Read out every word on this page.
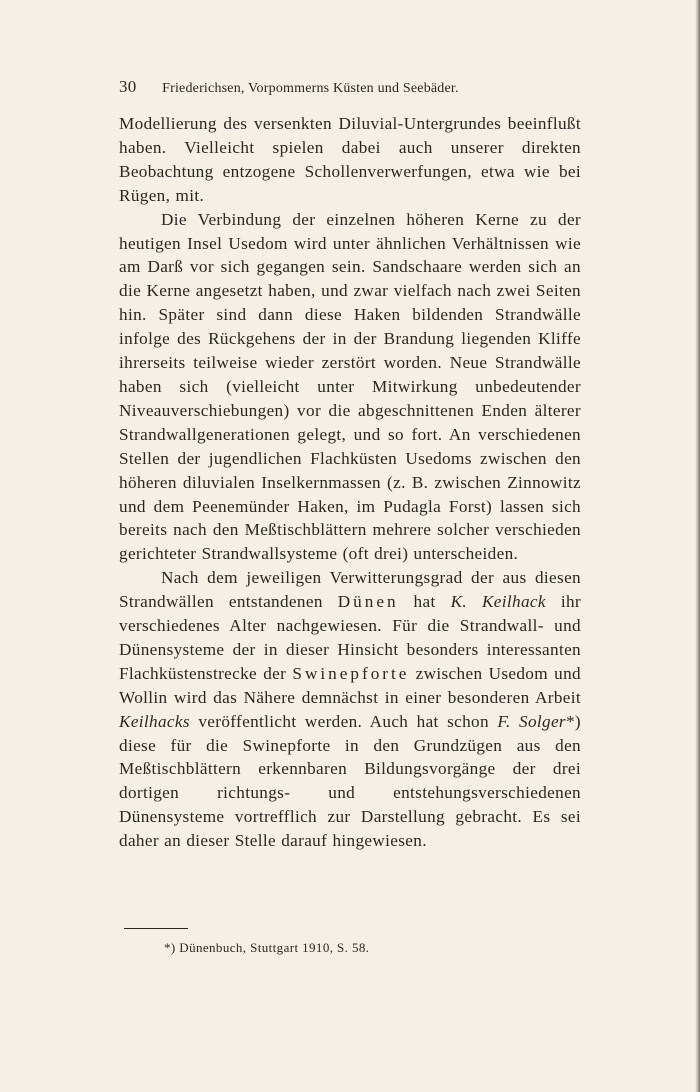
30 Friederichsen, Vorpommerns Küsten und Seebäder.

Modellierung des versenkten Diluvial-Untergrundes beeinflußt haben. Vielleicht spielen dabei auch unserer direkten Beobachtung entzogene Schollenverwerfungen, etwa wie bei Rügen, mit.

Die Verbindung der einzelnen höheren Kerne zu der heutigen Insel Usedom wird unter ähnlichen Verhältnissen wie am Darß vor sich gegangen sein. Sandschaare werden sich an die Kerne angesetzt haben, und zwar vielfach nach zwei Seiten hin. Später sind dann diese Haken bildenden Strandwälle infolge des Rückgehens der in der Brandung liegenden Kliffe ihrerseits teilweise wieder zerstört worden. Neue Strandwälle haben sich (vielleicht unter Mitwirkung unbedeutender Niveauverschiebungen) vor die abgeschnittenen Enden älterer Strandwallgenerationen gelegt, und so fort. An verschiedenen Stellen der jugendlichen Flachküsten Usedoms zwischen den höheren diluvialen Inselkernmassen (z. B. zwischen Zinnowitz und dem Peenemünder Haken, im Pudagla Forst) lassen sich bereits nach den Meßtischblättern mehrere solcher verschieden gerichteter Strandwallsysteme (oft drei) unterscheiden.

Nach dem jeweiligen Verwitterungsgrad der aus diesen Strandwällen entstandenen Dünen hat K. Keilhack ihr verschiedenes Alter nachgewiesen. Für die Strandwall- und Dünensysteme der in dieser Hinsicht besonders interessanten Flachküstenstrecke der Swinepforte zwischen Usedom und Wollin wird das Nähere demnächst in einer besonderen Arbeit Keilhacks veröffentlicht werden. Auch hat schon F. Solger*) diese für die Swinepforte in den Grundzügen aus den Meßtischblättern erkennbaren Bildungsvorgänge der drei dortigen richtungs- und entstehungsverschiedenen Dünensysteme vortrefflich zur Darstellung gebracht. Es sei daher an dieser Stelle darauf hingewiesen.

*) Dünenbuch, Stuttgart 1910, S. 58.
